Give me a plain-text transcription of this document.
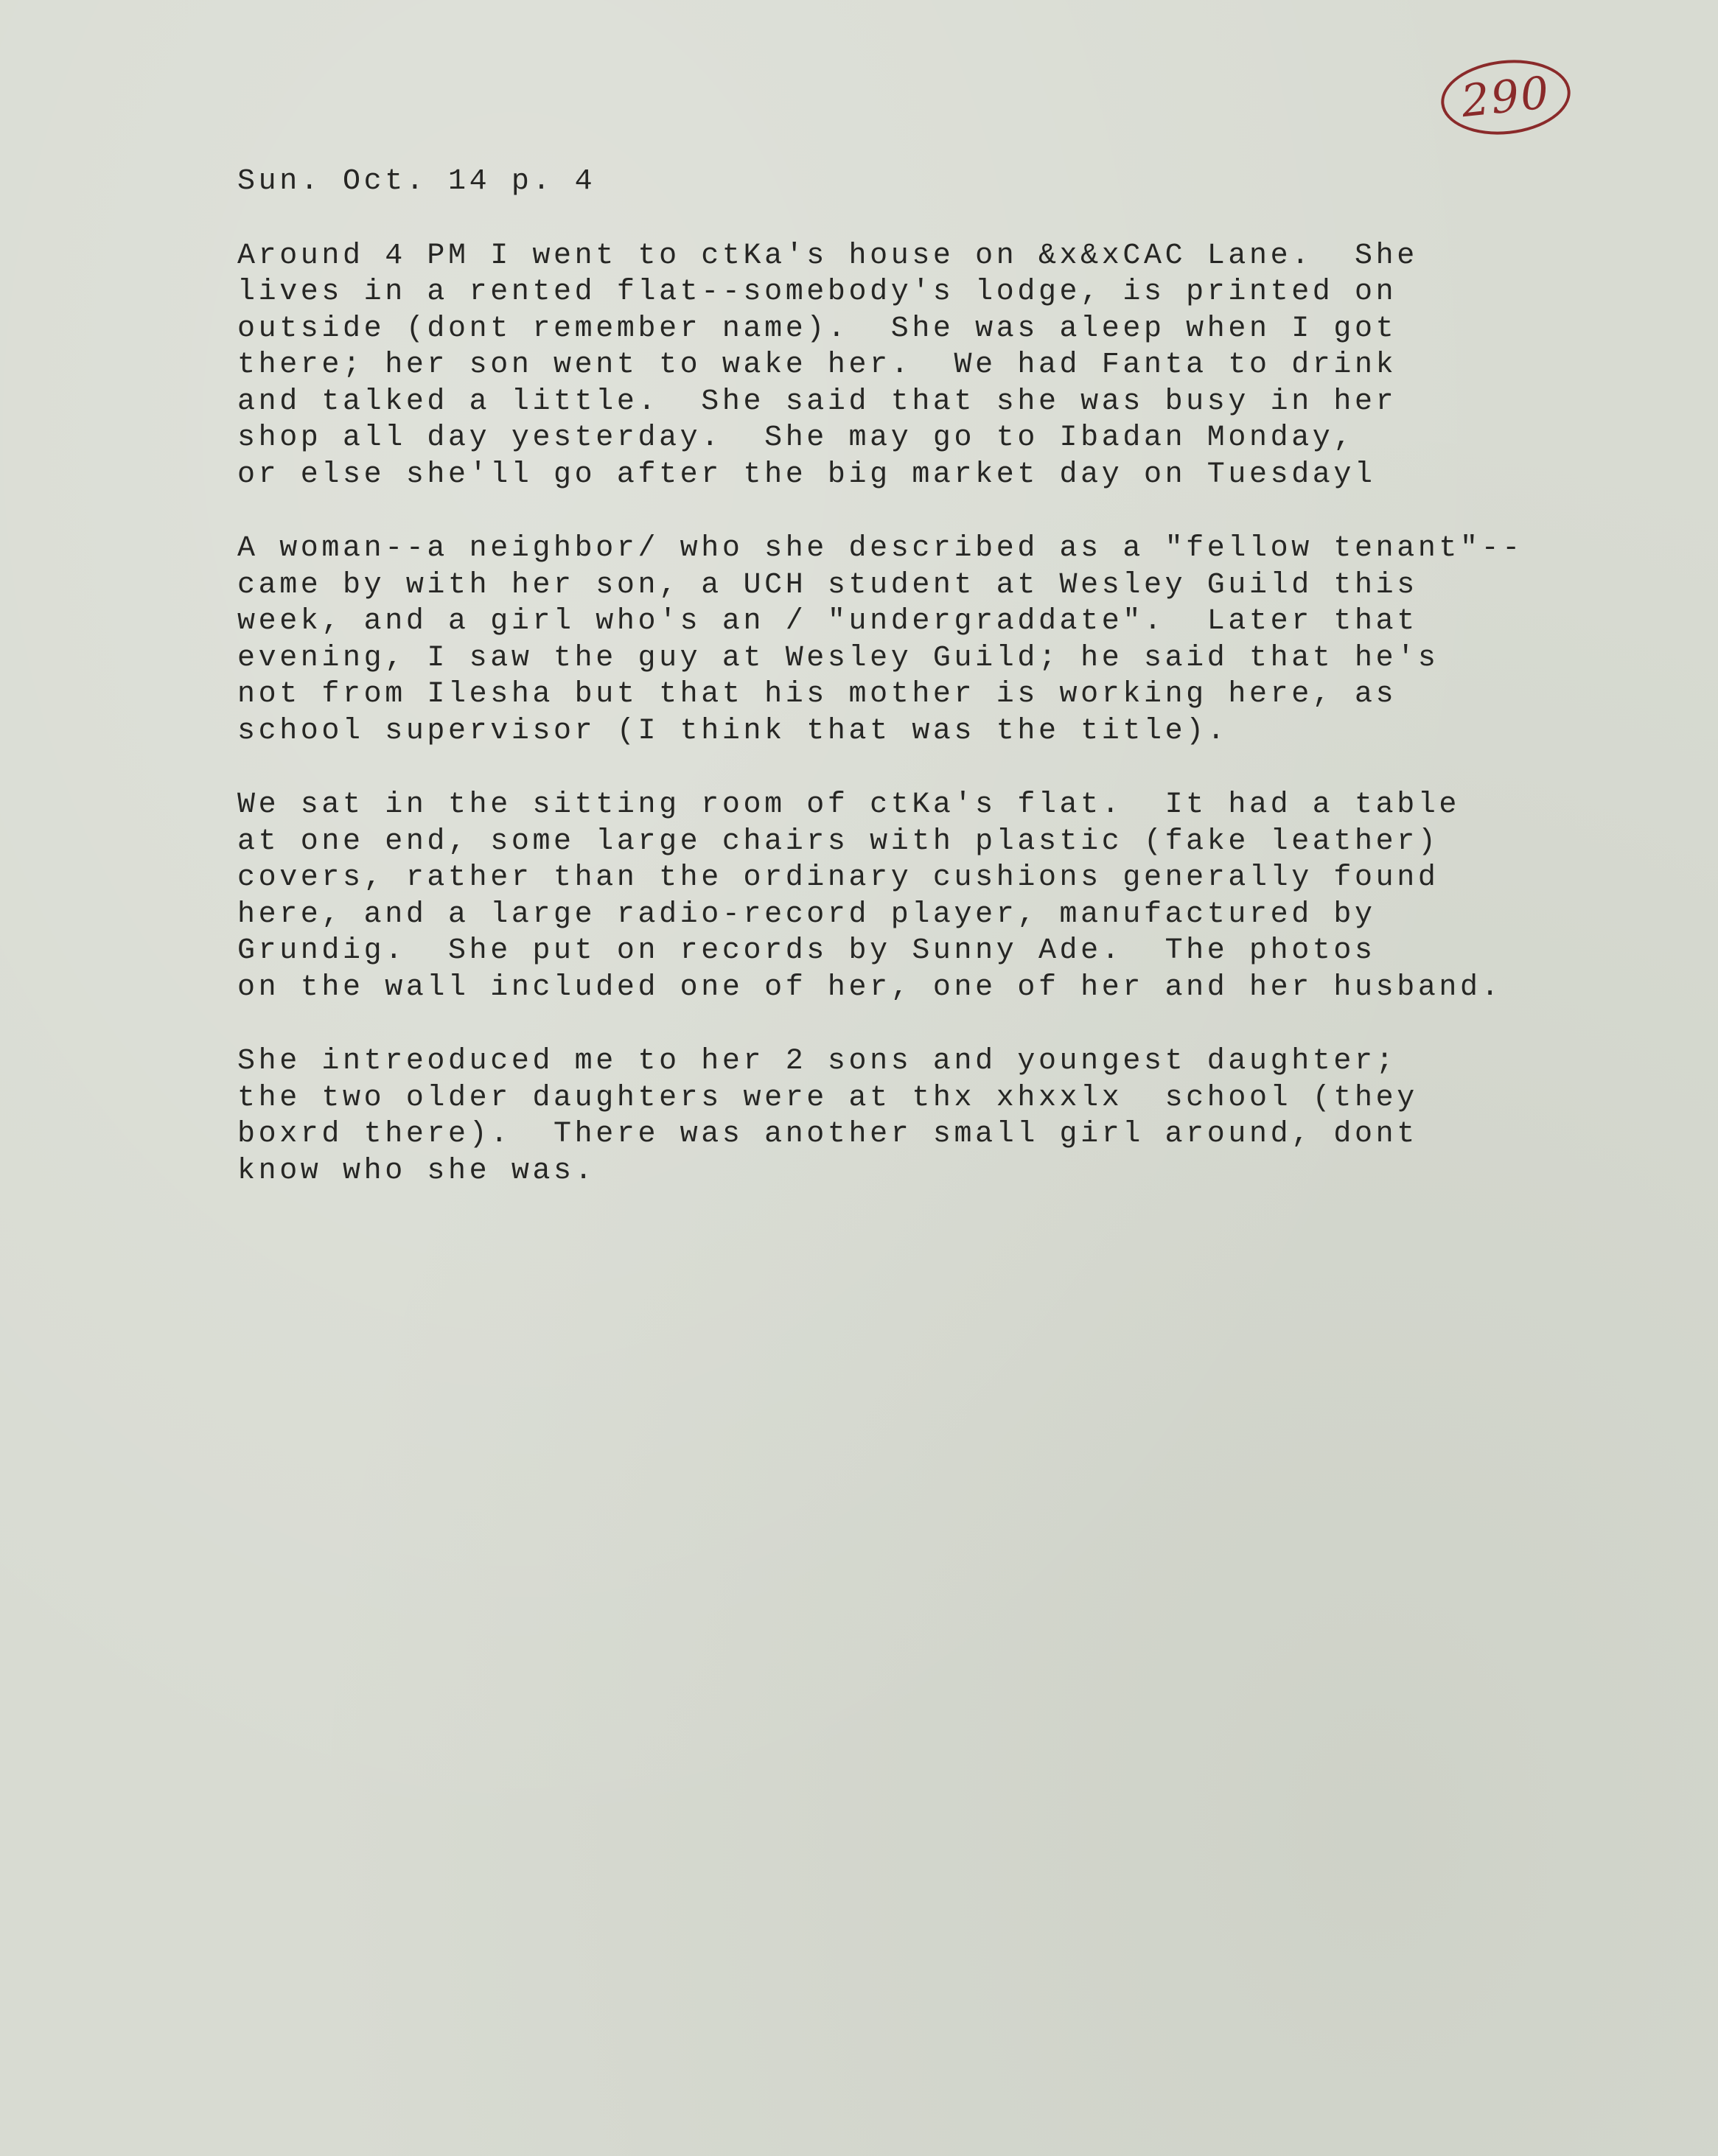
290
Sun. Oct. 14 p. 4
Around 4 PM I went to ctKa's house on &x&xCAC Lane.  She
lives in a rented flat--somebody's lodge, is printed on
outside (dont remember name).  She was aleep when I got
there; her son went to wake her.  We had Fanta to drink
and talked a little.  She said that she was busy in her
shop all day yesterday.  She may go to Ibadan Monday,
or else she'll go after the big market day on Tuesdayl
A woman--a neighbor/ who she described as a "fellow tenant"--
came by with her son, a UCH student at Wesley Guild this
week, and a girl who's an / "undergraddate".  Later that
evening, I saw the guy at Wesley Guild; he said that he's
not from Ilesha but that his mother is working here, as
school supervisor (I think that was the title).
We sat in the sitting room of ctKa's flat.  It had a table
at one end, some large chairs with plastic (fake leather)
covers, rather than the ordinary cushions generally found
here, and a large radio-record player, manufactured by
Grundig.  She put on records by Sunny Ade.  The photos
on the wall included one of her, one of her and her husband.
She intreoduced me to her 2 sons and youngest daughter;
the two older daughters were at thx xhxxlx  school (they
boxrd there).  There was another small girl around, dont
know who she was.
